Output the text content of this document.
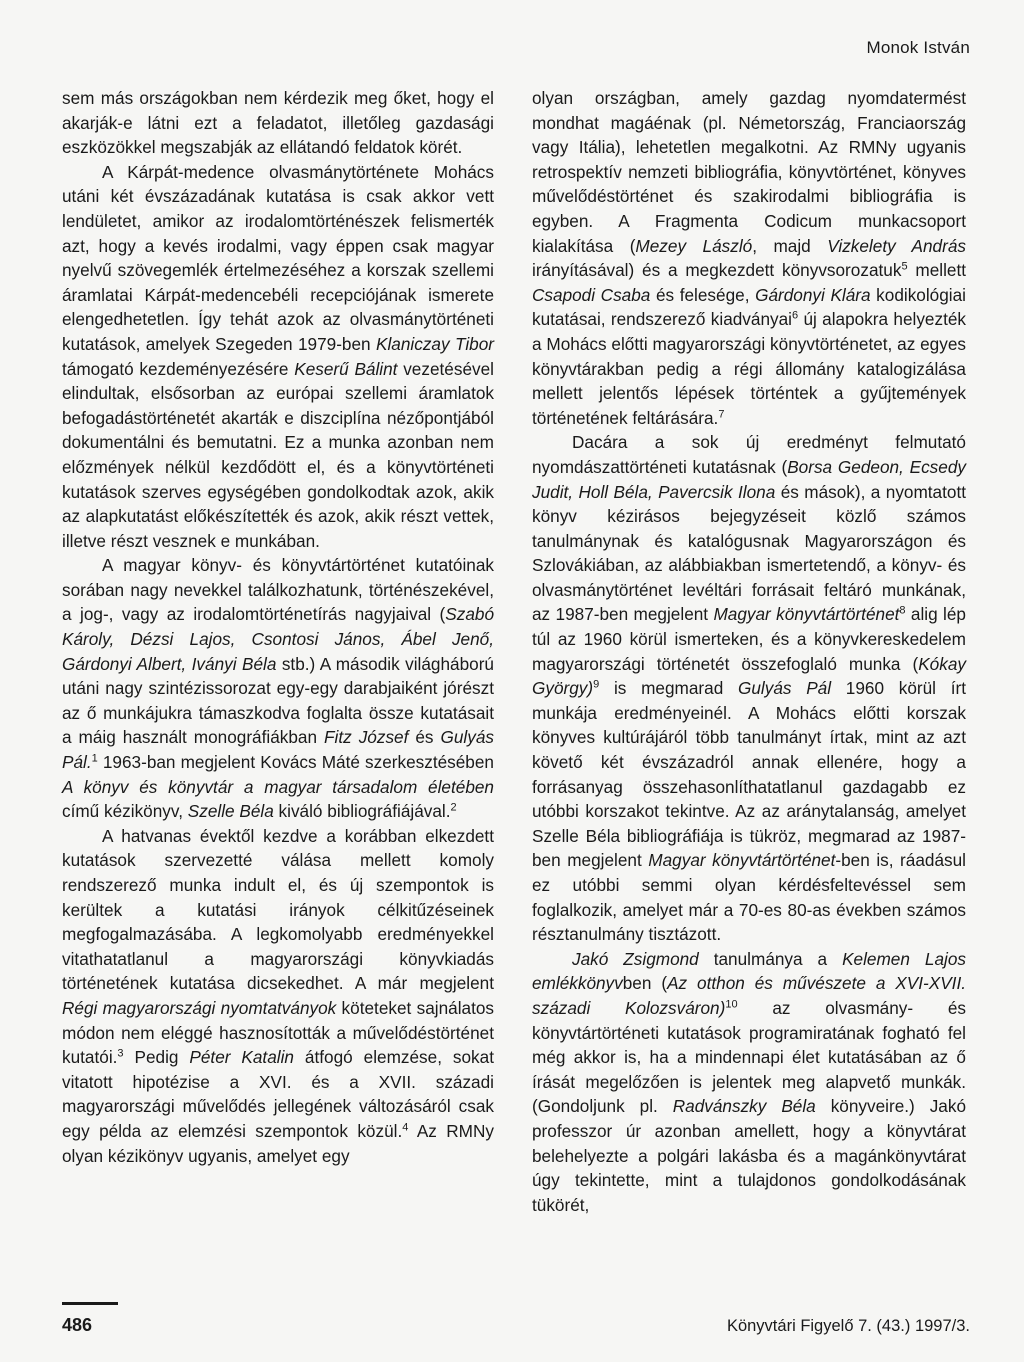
Monok István

sem más országokban nem kérdezik meg őket, hogy el akarják-e látni ezt a feladatot, illetőleg gazdasági eszközökkel megszabják az ellátandó feldatok körét.

A Kárpát-medence olvasmánytörténete Mohács utáni két évszázadának kutatása is csak akkor vett lendületet, amikor az irodalomtörténészek felismerték azt, hogy a kevés irodalmi, vagy éppen csak magyar nyelvű szövegemlék értelmezéséhez a korszak szellemi áramlatai Kárpát-medencebéli recepciójának ismerete elengedhetetlen. Így tehát azok az olvasmánytörténeti kutatások, amelyek Szegeden 1979-ben Klaniczay Tibor támogató kezdeményezésére Keserű Bálint vezetésével elindultak, elsősorban az európai szellemi áramlatok befogadástörténetét akarták e diszciplína nézőpontjából dokumentálni és bemutatni. Ez a munka azonban nem előzmények nélkül kezdődött el, és a könyvtörténeti kutatások szerves egységében gondolkodtak azok, akik az alapkutatást előkészítették és azok, akik részt vettek, illetve részt vesznek e munkában.

A magyar könyv- és könyvtártörténet kutatóinak sorában nagy nevekkel találkozhatunk, történészekével, a jog-, vagy az irodalomtörténetírás nagyjaival (Szabó Károly, Dézsi Lajos, Csontosi János, Ábel Jenő, Gárdonyi Albert, Iványi Béla stb.) A második világháború utáni nagy szintézissorozat egy-egy darabjaiként jórészt az ő munkájukra támaszkodva foglalta össze kutatásait a máig használt monográfiákban Fitz József és Gulyás Pál.$^1$ 1963-ban megjelent Kovács Máté szerkesztésében A könyv és könyvtár a magyar társadalom életében című kézikönyv, Szelle Béla kiváló bibliográfiájával.$^2$

A hatvanas évektől kezdve a korábban elkezdett kutatások szervezetté válása mellett komoly rendszerező munka indult el, és új szempontok is kerültek a kutatási irányok célkitűzéseinek megfogalmazásába. A legkomolyabb eredményekkel vitathatatlanul a magyarországi könyvkiadás történetének kutatása dicsekedhet. A már megjelent Régi magyarországi nyomtatványok köteteket sajnálatos módon nem eléggé hasznosították a művelődéstörténet kutatói.$^3$ Pedig Péter Katalin átfogó elemzése, sokat vitatott hipotézise a XVI. és a XVII. századi magyarországi művelődés jellegének változásáról csak egy példa az elemzési szempontok közül.$^4$ Az RMNy olyan kézikönyv ugyanis, amelyet egy

olyan országban, amely gazdag nyomdatermést mondhat magáénak (pl. Németország, Franciaország vagy Itália), lehetetlen megalkotni. Az RMNy ugyanis retrospektív nemzeti bibliográfia, könyvtörténet, könyves művelődéstörténet és szakirodalmi bibliográfia is egyben. A Fragmenta Codicum munkacsoport kialakítása (Mezey László, majd Vizkelety András irányításával) és a megkezdett könyvsorozatuk$^5$ mellett Csapodi Csaba és felesége, Gárdonyi Klára kodikológiai kutatásai, rendszerező kiadványai$^6$ új alapokra helyezték a Mohács előtti magyarországi könyvtörténetet, az egyes könyvtárakban pedig a régi állomány katalogizálása mellett jelentős lépések történtek a gyűjtemények történetének feltárására.$^7$

Dacára a sok új eredményt felmutató nyomdászattörténeti kutatásnak (Borsa Gedeon, Ecsedy Judit, Holl Béla, Pavercsik Ilona és mások), a nyomtatott könyv kézirásos bejegyzéseit közlő számos tanulmánynak és katalógusnak Magyarországon és Szlovákiában, az alábbiakban ismertetendő, a könyv- és olvasmánytörténet levéltári forrásait feltáró munkának, az 1987-ben megjelent Magyar könyvtártörténet$^8$ alig lép túl az 1960 körül ismerteken, és a könyvkereskedelem magyarországi történetét összefoglaló munka (Kókay György)$^9$ is megmarad Gulyás Pál 1960 körül írt munkája eredményeinél. A Mohács előtti korszak könyves kultúrájáról több tanulmányt írtak, mint az azt követő két évszázadról annak ellenére, hogy a forrásanyag összehasonlíthatatlanul gazdagabb ez utóbbi korszakot tekintve. Az az aránytalanság, amelyet Szelle Béla bibliográfiája is tükröz, megmarad az 1987-ben megjelent Magyar könyvtártörténet-ben is, ráadásul ez utóbbi semmi olyan kérdésfeltevéssel sem foglalkozik, amelyet már a 70-es 80-as években számos résztanulmány tisztázott.

Jakó Zsigmond tanulmánya a Kelemen Lajos emlékkönyvben (Az otthon és művészete a XVI-XVII. századi Kolozsváron)$^{10}$ az olvasmány- és könyvtártörténeti kutatások programiratának fogható fel még akkor is, ha a mindennapi élet kutatásában az ő írását megelőzően is jelentek meg alapvető munkák. (Gondoljunk pl. Radvánszky Béla könyveire.) Jakó professzor úr azonban amellett, hogy a könyvtárat belehelyezte a polgári lakásba és a magánkönyvtárat úgy tekintette, mint a tulajdonos gondolkodásának tükörét,

486	Könyvtári Figyelő 7. (43.) 1997/3.
